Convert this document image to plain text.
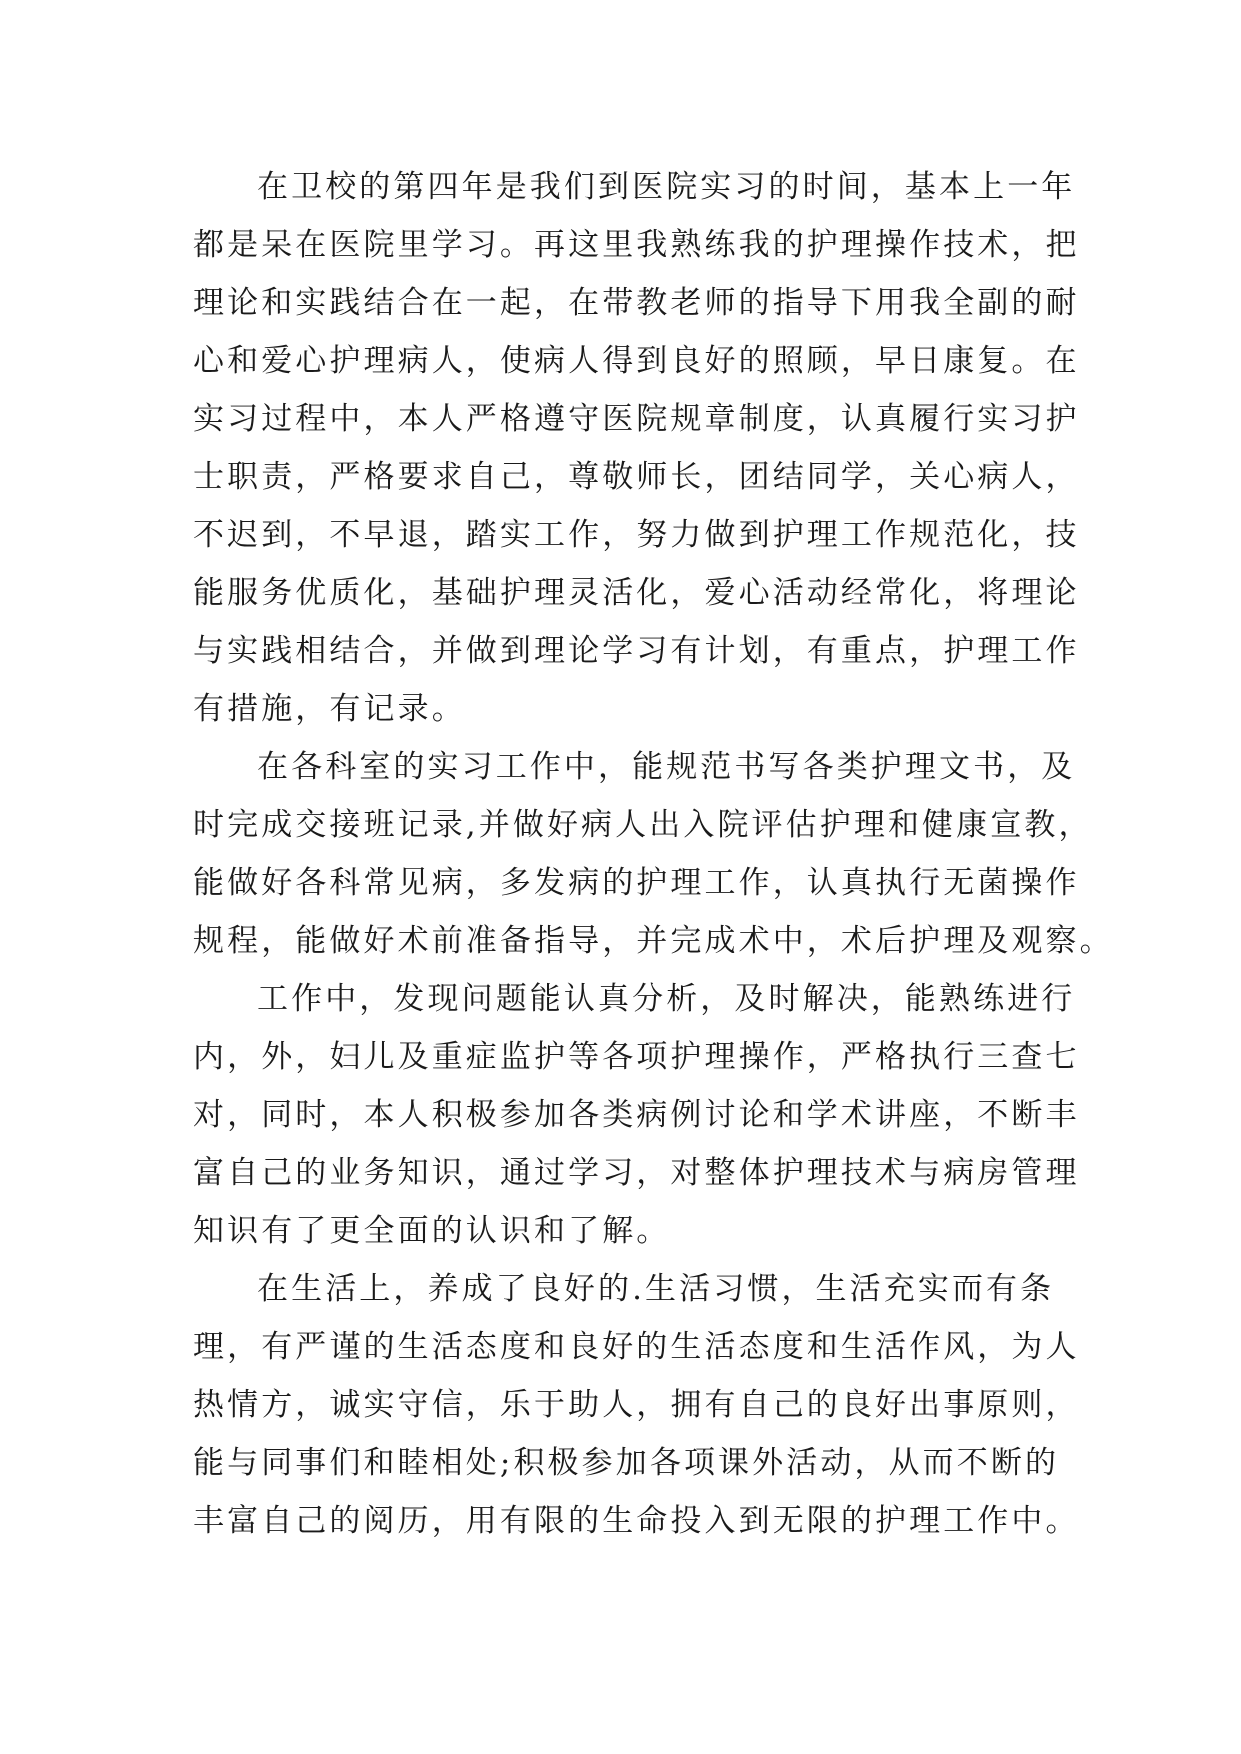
在卫校的第四年是我们到医院实习的时间，基本上一年
都是呆在医院里学习。再这里我熟练我的护理操作技术，把
理论和实践结合在一起，在带教老师的指导下用我全副的耐
心和爱心护理病人，使病人得到良好的照顾，早日康复。在
实习过程中，本人严格遵守医院规章制度，认真履行实习护
士职责，严格要求自己，尊敬师长，团结同学，关心病人，
不迟到，不早退，踏实工作，努力做到护理工作规范化，技
能服务优质化，基础护理灵活化，爱心活动经常化，将理论
与实践相结合，并做到理论学习有计划，有重点，护理工作
有措施，有记录。
在各科室的实习工作中，能规范书写各类护理文书，及
时完成交接班记录,并做好病人出入院评估护理和健康宣教，
能做好各科常见病，多发病的护理工作，认真执行无菌操作
规程，能做好术前准备指导，并完成术中，术后护理及观察。
工作中，发现问题能认真分析，及时解决，能熟练进行
内，外，妇儿及重症监护等各项护理操作，严格执行三查七
对，同时，本人积极参加各类病例讨论和学术讲座，不断丰
富自己的业务知识，通过学习，对整体护理技术与病房管理
知识有了更全面的认识和了解。
在生活上，养成了良好的.生活习惯，生活充实而有条
理，有严谨的生活态度和良好的生活态度和生活作风，为人
热情方，诚实守信，乐于助人，拥有自己的良好出事原则，
能与同事们和睦相处;积极参加各项课外活动，从而不断的
丰富自己的阅历，用有限的生命投入到无限的护理工作中。
